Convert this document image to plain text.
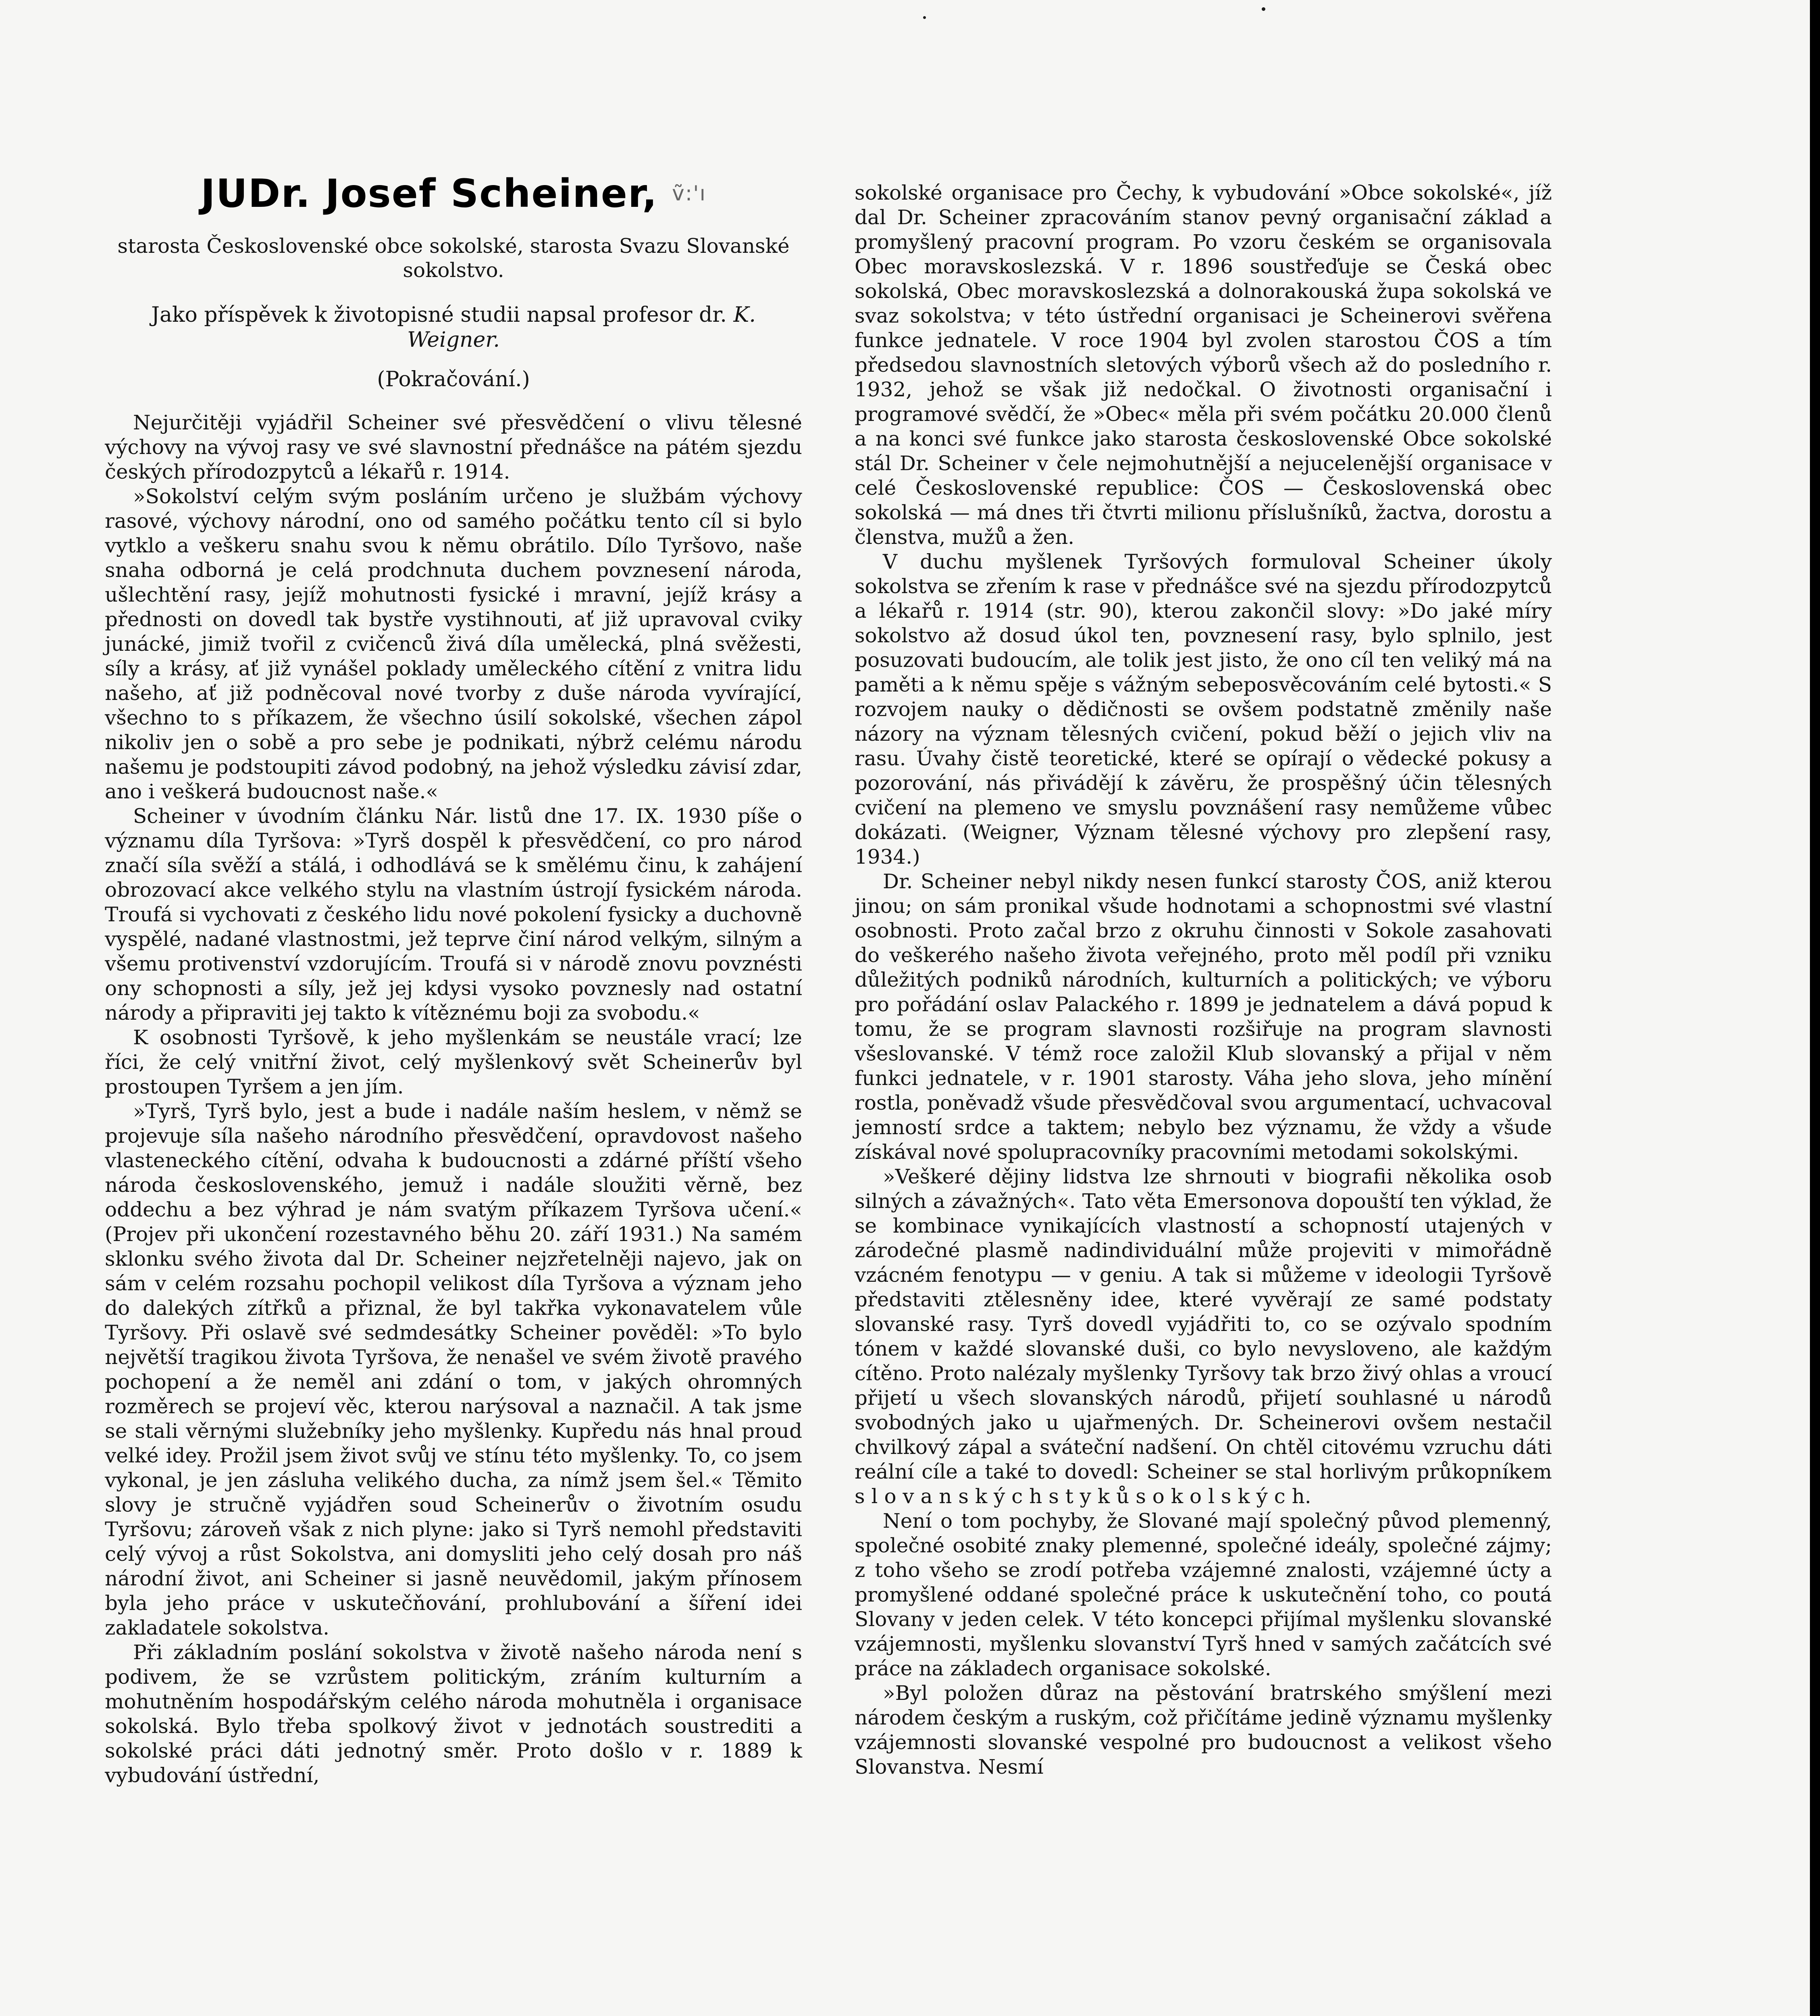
JUDr. Josef Scheiner, $^{ṽ:'ı}$

starosta Československé obce sokolské, starosta Svazu Slovanské sokolstvo.

Jako příspěvek k životopisné studii napsal profesor dr. K. Weigner.

(Pokračování.)

Nejurčitěji vyjádřil Scheiner své přesvědčení o vlivu tělesné výchovy na vývoj rasy ve své slavnostní přednášce na pátém sjezdu českých přírodozpytců a lékařů r. 1914.

»Sokolství celým svým posláním určeno je službám výchovy rasové, výchovy národní, ono od samého počátku tento cíl si bylo vytklo a veškeru snahu svou k němu obrátilo. Dílo Tyršovo, naše snaha odborná je celá prodchnuta duchem povznesení národa, ušlechtění rasy, jejíž mohutnosti fysické i mravní, jejíž krásy a přednosti on dovedl tak bystře vystihnouti, ať již upravoval cviky junácké, jimiž tvořil z cvičenců živá díla umělecká, plná svěžesti, síly a krásy, ať již vynášel poklady uměleckého cítění z vnitra lidu našeho, ať již podněcoval nové tvorby z duše národa vyvírající, všechno to s příkazem, že všechno úsilí sokolské, všechen zápol nikoliv jen o sobě a pro sebe je podnikati, nýbrž celému národu našemu je podstoupiti závod podobný, na jehož výsledku závisí zdar, ano i veškerá budoucnost naše.«

Scheiner v úvodním článku Nár. listů dne 17. IX. 1930 píše o významu díla Tyršova: »Tyrš dospěl k přesvědčení, co pro národ značí síla svěží a stálá, i odhodlává se k smělému činu, k zahájení obrozovací akce velkého stylu na vlastním ústrojí fysickém národa. Troufá si vychovati z českého lidu nové pokolení fysicky a duchovně vyspělé, nadané vlastnostmi, jež teprve činí národ velkým, silným a všemu protivenství vzdorujícím. Troufá si v národě znovu povznésti ony schopnosti a síly, jež jej kdysi vysoko povznesly nad ostatní národy a připraviti jej takto k vítěznému boji za svobodu.«

K osobnosti Tyršově, k jeho myšlenkám se neustále vrací; lze říci, že celý vnitřní život, celý myšlenkový svět Scheinerův byl prostoupen Tyršem a jen jím.

»Tyrš, Tyrš bylo, jest a bude i nadále naším heslem, v němž se projevuje síla našeho národního přesvědčení, opravdovost našeho vlasteneckého cítění, odvaha k budoucnosti a zdárné příští všeho národa československého, jemuž i nadále sloužiti věrně, bez oddechu a bez výhrad je nám svatým příkazem Tyršova učení.« (Projev při ukončení rozestavného běhu 20. září 1931.) Na samém sklonku svého života dal Dr. Scheiner nejzřetelněji najevo, jak on sám v celém rozsahu pochopil velikost díla Tyršova a význam jeho do dalekých zítřků a přiznal, že byl takřka vykonavatelem vůle Tyršovy. Při oslavě své sedmdesátky Scheiner pověděl: »To bylo největší tragikou života Tyršova, že nenašel ve svém životě pravého pochopení a že neměl ani zdání o tom, v jakých ohromných rozměrech se projeví věc, kterou narýsoval a naznačil. A tak jsme se stali věrnými služebníky jeho myšlenky. Kupředu nás hnal proud velké idey. Prožil jsem život svůj ve stínu této myšlenky. To, co jsem vykonal, je jen zásluha velikého ducha, za nímž jsem šel.« Těmito slovy je stručně vyjádřen soud Scheinerův o životním osudu Tyršovu; zároveň však z nich plyne: jako si Tyrš nemohl představiti celý vývoj a růst Sokolstva, ani domysliti jeho celý dosah pro náš národní život, ani Scheiner si jasně neuvědomil, jakým přínosem byla jeho práce v uskutečňování, prohlubování a šíření idei zakladatele sokolstva.

Při základním poslání sokolstva v životě našeho národa není s podivem, že se vzrůstem politickým, zráním kulturním a mohutněním hospodářským celého národa mohutněla i organisace sokolská. Bylo třeba spolkový život v jednotách soustrediti a sokolské práci dáti jednotný směr. Proto došlo v r. 1889 k vybudování ústřední,

sokolské organisace pro Čechy, k vybudování »Obce sokolské«, jíž dal Dr. Scheiner zpracováním stanov pevný organisační základ a promyšlený pracovní program. Po vzoru českém se organisovala Obec moravskoslezská. V r. 1896 soustřeďuje se Česká obec sokolská, Obec moravskoslezská a dolnorakouská župa sokolská ve svaz sokolstva; v této ústřední organisaci je Scheinerovi svěřena funkce jednatele. V roce 1904 byl zvolen starostou ČOS a tím předsedou slavnostních sletových výborů všech až do posledního r. 1932, jehož se však již nedočkal. O životnosti organisační i programové svědčí, že »Obec« měla při svém počátku 20.000 členů a na konci své funkce jako starosta československé Obce sokolské stál Dr. Scheiner v čele nejmohutnější a nejucelenější organisace v celé Československé republice: ČOS — Československá obec sokolská — má dnes tři čtvrti milionu příslušníků, žactva, dorostu a členstva, mužů a žen.

V duchu myšlenek Tyršových formuloval Scheiner úkoly sokolstva se zřením k rase v přednášce své na sjezdu přírodozpytců a lékařů r. 1914 (str. 90), kterou zakončil slovy: »Do jaké míry sokolstvo až dosud úkol ten, povznesení rasy, bylo splnilo, jest posuzovati budoucím, ale tolik jest jisto, že ono cíl ten veliký má na paměti a k němu spěje s vážným sebeposvěcováním celé bytosti.« S rozvojem nauky o dědičnosti se ovšem podstatně změnily naše názory na význam tělesných cvičení, pokud běží o jejich vliv na rasu. Úvahy čistě teoretické, které se opírají o vědecké pokusy a pozorování, nás přivádějí k závěru, že prospěšný účin tělesných cvičení na plemeno ve smyslu povznášení rasy nemůžeme vůbec dokázati. (Weigner, Význam tělesné výchovy pro zlepšení rasy, 1934.)

Dr. Scheiner nebyl nikdy nesen funkcí starosty ČOS, aniž kterou jinou; on sám pronikal všude hodnotami a schopnostmi své vlastní osobnosti. Proto začal brzo z okruhu činnosti v Sokole zasahovati do veškerého našeho života veřejného, proto měl podíl při vzniku důležitých podniků národních, kulturních a politických; ve výboru pro pořádání oslav Palackého r. 1899 je jednatelem a dává popud k tomu, že se program slavnosti rozšiřuje na program slavnosti všeslovanské. V témž roce založil Klub slovanský a přijal v něm funkci jednatele, v r. 1901 starosty. Váha jeho slova, jeho mínění rostla, poněvadž všude přesvědčoval svou argumentací, uchvacoval jemností srdce a taktem; nebylo bez významu, že vždy a všude získával nové spolupracovníky pracovními metodami sokolskými.

»Veškeré dějiny lidstva lze shrnouti v biografii několika osob silných a závažných«. Tato věta Emersonova dopouští ten výklad, že se kombinace vynikajících vlastností a schopností utajených v zárodečné plasmě nadindividuální může projeviti v mimořádně vzácném fenotypu — v geniu. A tak si můžeme v ideologii Tyršově představiti ztělesněny idee, které vyvěrají ze samé podstaty slovanské rasy. Tyrš dovedl vyjádřiti to, co se ozývalo spodním tónem v každé slovanské duši, co bylo nevysloveno, ale každým cítěno. Proto nalézaly myšlenky Tyršovy tak brzo živý ohlas a vroucí přijetí u všech slovanských národů, přijetí souhlasné u národů svobodných jako u ujařmených. Dr. Scheinerovi ovšem nestačil chvilkový zápal a sváteční nadšení. On chtěl citovému vzruchu dáti reální cíle a také to dovedl: Scheiner se stal horlivým průkopníkem s l o v a n s k ý c h s t y k ů s o k o l s k ý c h.

Není o tom pochyby, že Slované mají společný původ plemenný, společné osobité znaky plemenné, společné ideály, společné zájmy; z toho všeho se zrodí potřeba vzájemné znalosti, vzájemné úcty a promyšlené oddané společné práce k uskutečnění toho, co poutá Slovany v jeden celek. V této koncepci přijímal myšlenku slovanské vzájemnosti, myšlenku slovanství Tyrš hned v samých začátcích své práce na základech organisace sokolské.

»Byl položen důraz na pěstování bratrského smýšlení mezi národem českým a ruským, což přičítáme jedině významu myšlenky vzájemnosti slovanské vespolné pro budoucnost a velikost všeho Slovanstva. Nesmí
